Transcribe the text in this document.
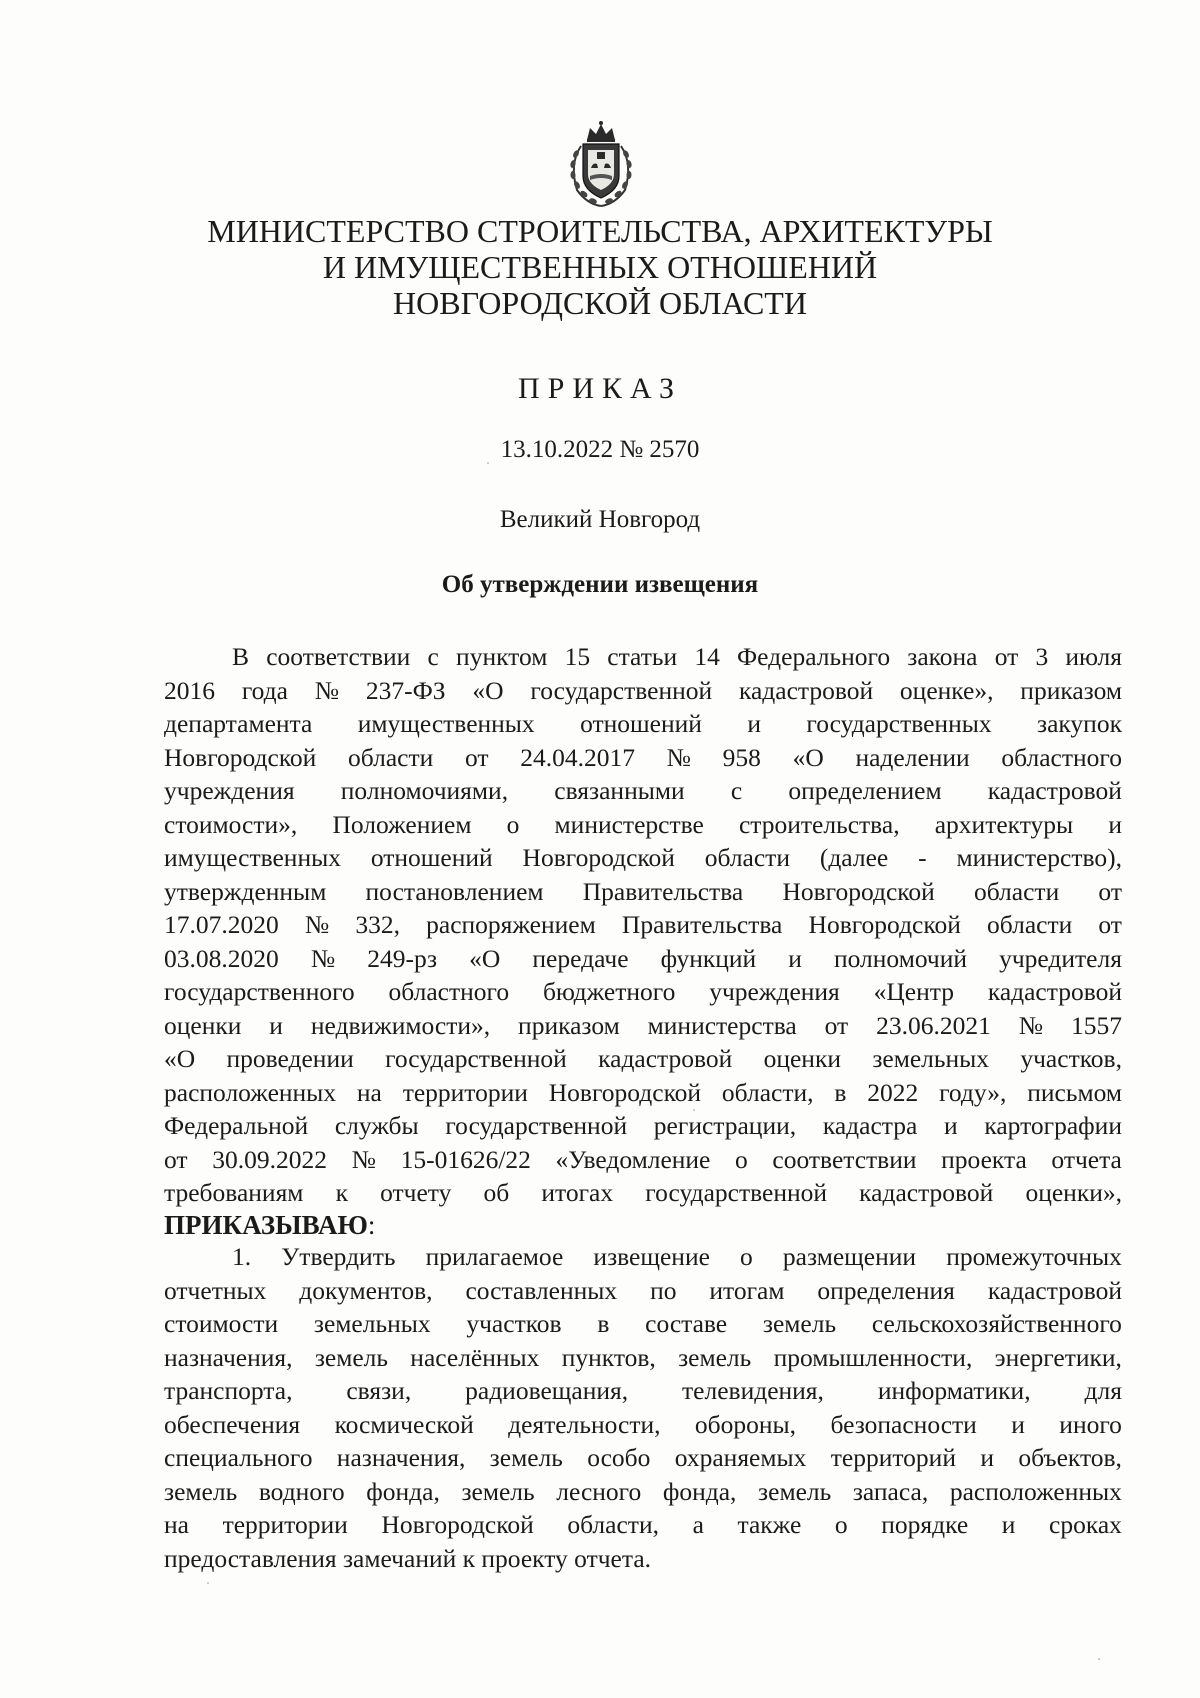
МИНИСТЕРСТВО СТРОИТЕЛЬСТВА, АРХИТЕКТУРЫ
И ИМУЩЕСТВЕННЫХ ОТНОШЕНИЙ
НОВГОРОДСКОЙ ОБЛАСТИ
ПРИКАЗ
13.10.2022 № 2570
Великий Новгород
Об утверждении извещения
В соответствии с пунктом 15 статьи 14 Федерального закона от 3 июля
2016 года № 237-ФЗ «О государственной кадастровой оценке», приказом
департамента имущественных отношений и государственных закупок
Новгородской области от 24.04.2017 № 958 «О наделении областного
учреждения полномочиями, связанными с определением кадастровой
стоимости», Положением о министерстве строительства, архитектуры и
имущественных отношений Новгородской области (далее - министерство),
утвержденным постановлением Правительства Новгородской области от
17.07.2020 № 332, распоряжением Правительства Новгородской области от
03.08.2020 № 249-рз «О передаче функций и полномочий учредителя
государственного областного бюджетного учреждения «Центр кадастровой
оценки и недвижимости», приказом министерства от 23.06.2021 № 1557
«О проведении государственной кадастровой оценки земельных участков,
расположенных на территории Новгородской области, в 2022 году», письмом
Федеральной службы государственной регистрации, кадастра и картографии
от 30.09.2022 № 15-01626/22 «Уведомление о соответствии проекта отчета
требованиям к отчету об итогах государственной кадастровой оценки»,
ПРИКАЗЫВАЮ:
1. Утвердить прилагаемое извещение о размещении промежуточных
отчетных документов, составленных по итогам определения кадастровой
стоимости земельных участков в составе земель сельскохозяйственного
назначения, земель населённых пунктов, земель промышленности, энергетики,
транспорта, связи, радиовещания, телевидения, информатики, для
обеспечения космической деятельности, обороны, безопасности и иного
специального назначения, земель особо охраняемых территорий и объектов,
земель водного фонда, земель лесного фонда, земель запаса, расположенных
на территории Новгородской области, а также о порядке и сроках
предоставления замечаний к проекту отчета.
